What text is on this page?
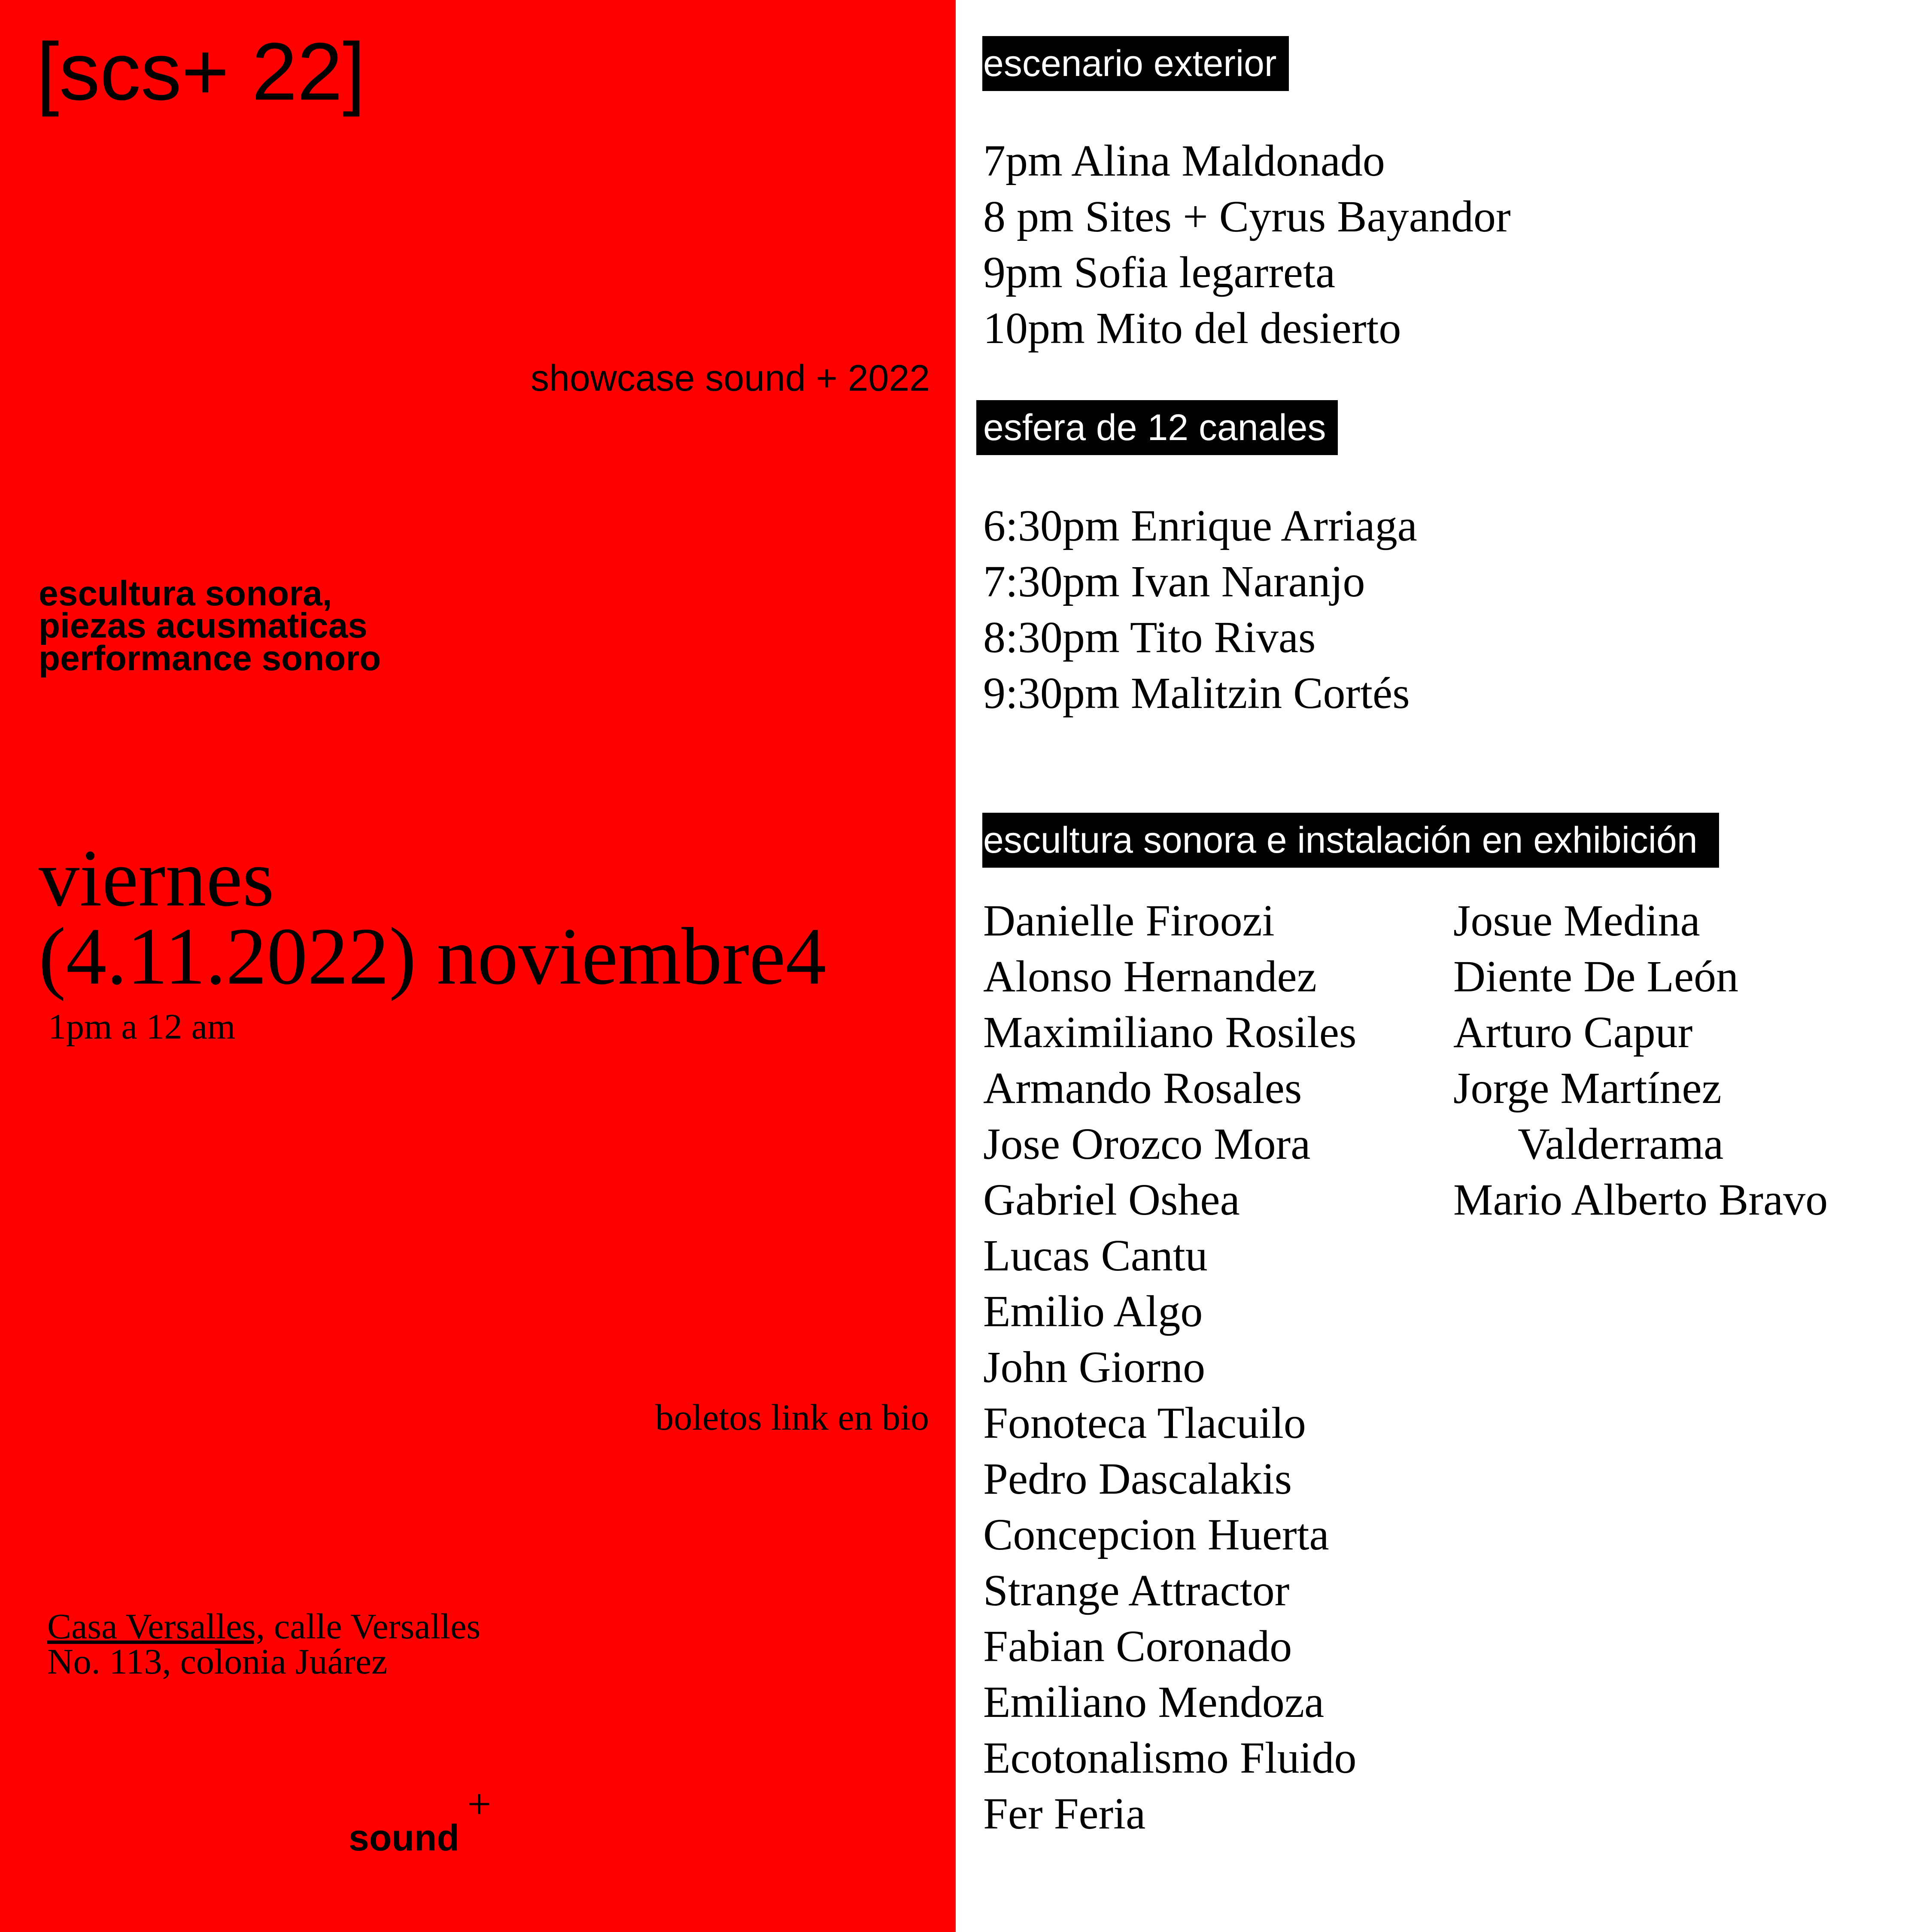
[scs+ 22]

showcase sound + 2022

escultura sonora,
piezas acusmaticas
performance sonoro
viernes
(4.11.2022) noviembre4

1pm a 12 am

boletos link en bio

Casa Versalles, calle Versalles
No. 113, colonia Juárez
sound
+
escenario exterior
7pm Alina Maldonado
8 pm Sites + Cyrus Bayandor
9pm Sofia legarreta
10pm Mito del desierto
esfera de 12 canales
6:30pm Enrique Arriaga
7:30pm Ivan Naranjo
8:30pm Tito Rivas
9:30pm Malitzin Cortés
escultura sonora e instalación en exhibición
Danielle Firoozi
Alonso Hernandez
Maximiliano Rosiles
Armando Rosales
Jose Orozco Mora
Gabriel Oshea
Lucas Cantu
Emilio Algo
John Giorno
Fonoteca Tlacuilo
Pedro Dascalakis
Concepcion Huerta
Strange Attractor
Fabian Coronado
Emiliano Mendoza
Ecotonalismo Fluido
Fer Feria
Josue Medina
Diente De León
Arturo Capur
Jorge Martínez
Valderrama
Mario Alberto Bravo
